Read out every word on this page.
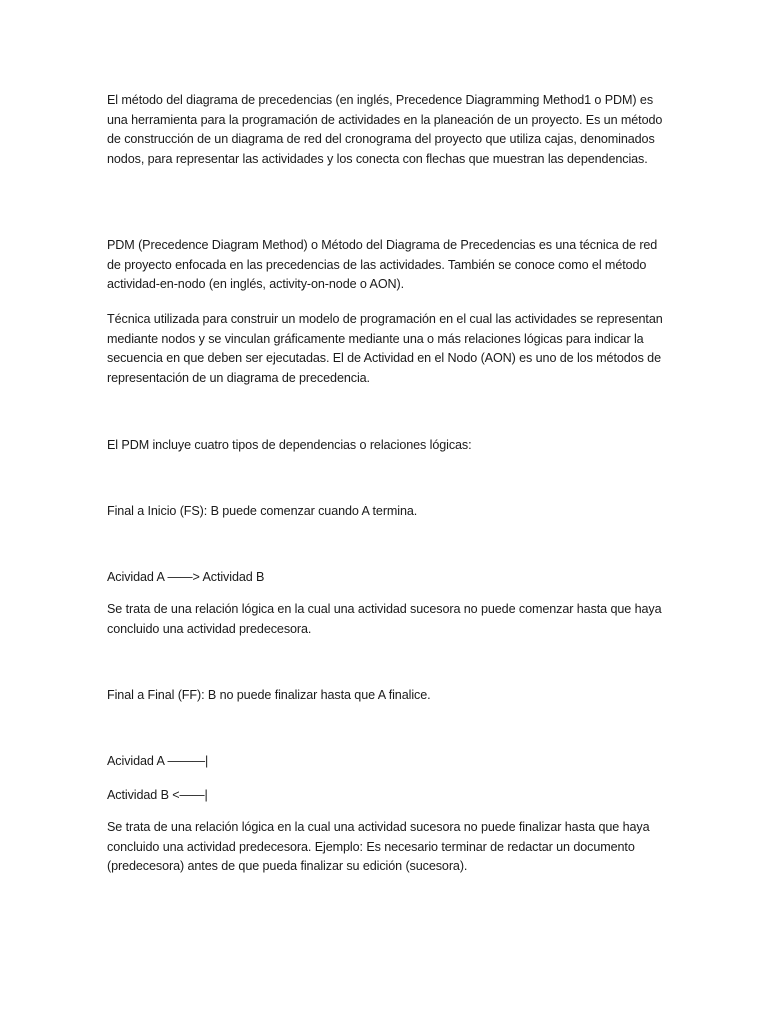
El método del diagrama de precedencias (en inglés, Precedence Diagramming Method1 o PDM) es una herramienta para la programación de actividades en la planeación de un proyecto. Es un método de construcción de un diagrama de red del cronograma del proyecto que utiliza cajas, denominados nodos, para representar las actividades y los conecta con flechas que muestran las dependencias.

PDM (Precedence Diagram Method) o Método del Diagrama de Precedencias es una técnica de red de proyecto enfocada en las precedencias de las actividades. También se conoce como el método actividad-en-nodo (en inglés, activity-on-node o AON).

Técnica utilizada para construir un modelo de programación en el cual las actividades se representan mediante nodos y se vinculan gráficamente mediante una o más relaciones lógicas para indicar la secuencia en que deben ser ejecutadas. El de Actividad en el Nodo (AON) es uno de los métodos de representación de un diagrama de precedencia.

El PDM incluye cuatro tipos de dependencias o relaciones lógicas:

Final a Inicio (FS): B puede comenzar cuando A termina.

Acividad A ——> Actividad B

Se trata de una relación lógica en la cual una actividad sucesora no puede comenzar hasta que haya concluido una actividad predecesora.

Final a Final (FF): B no puede finalizar hasta que A finalice.

Acividad A ———|

Actividad B <——|

Se trata de una relación lógica en la cual una actividad sucesora no puede finalizar hasta que haya concluido una actividad predecesora. Ejemplo: Es necesario terminar de redactar un documento (predecesora) antes de que pueda finalizar su edición (sucesora).
